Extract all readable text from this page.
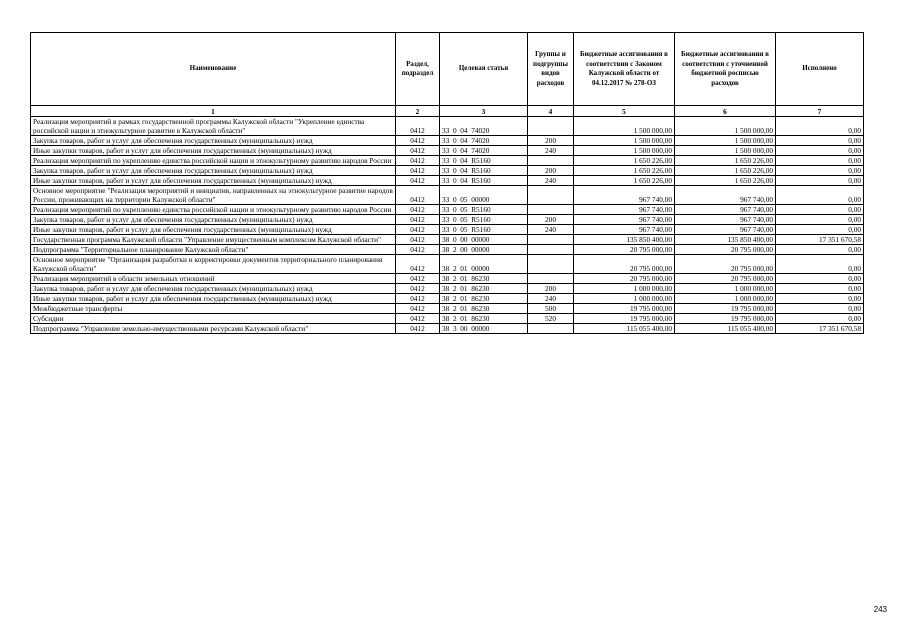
Наименование	Раздел, подраздел	Целевая статья	Группы и подгруппы видов расходов	Бюджетные ассигнования в соответствии с Законом Калужской области от 04.12.2017 № 278-ОЗ	Бюджетные ассигнования в соответствии с уточненной бюджетной росписью расходов	Исполнено
1	2	3	4	5	6	7
Реализация мероприятий в рамках государственной программы Калужской области "Укрепление единства российской нации и этнокультурное развитие в Калужской области"	0412	33  0  04  74020		1 500 000,00	1 500 000,00	0,00
Закупка товаров, работ и услуг для обеспечения государственных (муниципальных) нужд	0412	33  0  04  74020	200	1 500 000,00	1 500 000,00	0,00
Иные закупки товаров, работ и услуг для обеспечения государственных (муниципальных) нужд	0412	33  0  04  74020	240	1 500 000,00	1 500 000,00	0,00
Реализация мероприятий по укреплению единства российской нации и этнокультурному развитию народов России	0412	33  0  04  R5160		1 650 226,00	1 650 226,00	0,00
Закупка товаров, работ и услуг для обеспечения государственных (муниципальных) нужд	0412	33  0  04  R5160	200	1 650 226,00	1 650 226,00	0,00
Иные закупки товаров, работ и услуг для обеспечения государственных (муниципальных) нужд	0412	33  0  04  R5160	240	1 650 226,00	1 650 226,00	0,00
Основное мероприятие "Реализация мероприятий и инициатив, направленных на этнокультурное развитие народов России, проживающих на территории Калужской области"	0412	33  0  05  00000		967 740,00	967 740,00	0,00
Реализация мероприятий по укреплению единства российской нации и этнокультурному развитию народов России	0412	33  0  05  R5160		967 740,00	967 740,00	0,00
Закупка товаров, работ и услуг для обеспечения государственных (муниципальных) нужд	0412	33  0  05  R5160	200	967 740,00	967 740,00	0,00
Иные закупки товаров, работ и услуг для обеспечения государственных (муниципальных) нужд	0412	33  0  05  R5160	240	967 740,00	967 740,00	0,00
Государственная программа Калужской области "Управление имущественным комплексом Калужской области"	0412	38  0  00  00000		135 850 400,00	135 850 400,00	17 351 670,58
Подпрограмма "Территориальное планирование Калужской области"	0412	38  2  00  00000		20 795 000,00	20 795 000,00	0,00
Основное мероприятие "Организация разработки и корректировки документов территориального планирования Калужской области"	0412	38  2  01  00000		20 795 000,00	20 795 000,00	0,00
Реализация мероприятий в области земельных отношений	0412	38  2  01  86230		20 795 000,00	20 795 000,00	0,00
Закупка товаров, работ и услуг для обеспечения государственных (муниципальных) нужд	0412	38  2  01  86230	200	1 000 000,00	1 000 000,00	0,00
Иные закупки товаров, работ и услуг для обеспечения государственных (муниципальных) нужд	0412	38  2  01  86230	240	1 000 000,00	1 000 000,00	0,00
Межбюджетные трансферты	0412	38  2  01  86230	500	19 795 000,00	19 795 000,00	0,00
Субсидии	0412	38  2  01  86230	520	19 795 000,00	19 795 000,00	0,00
Подпрограмма "Управление земельно-имущественными ресурсами Калужской области"	0412	38  3  00  00000		115 055 400,00	115 055 400,00	17 351 670,58
243
